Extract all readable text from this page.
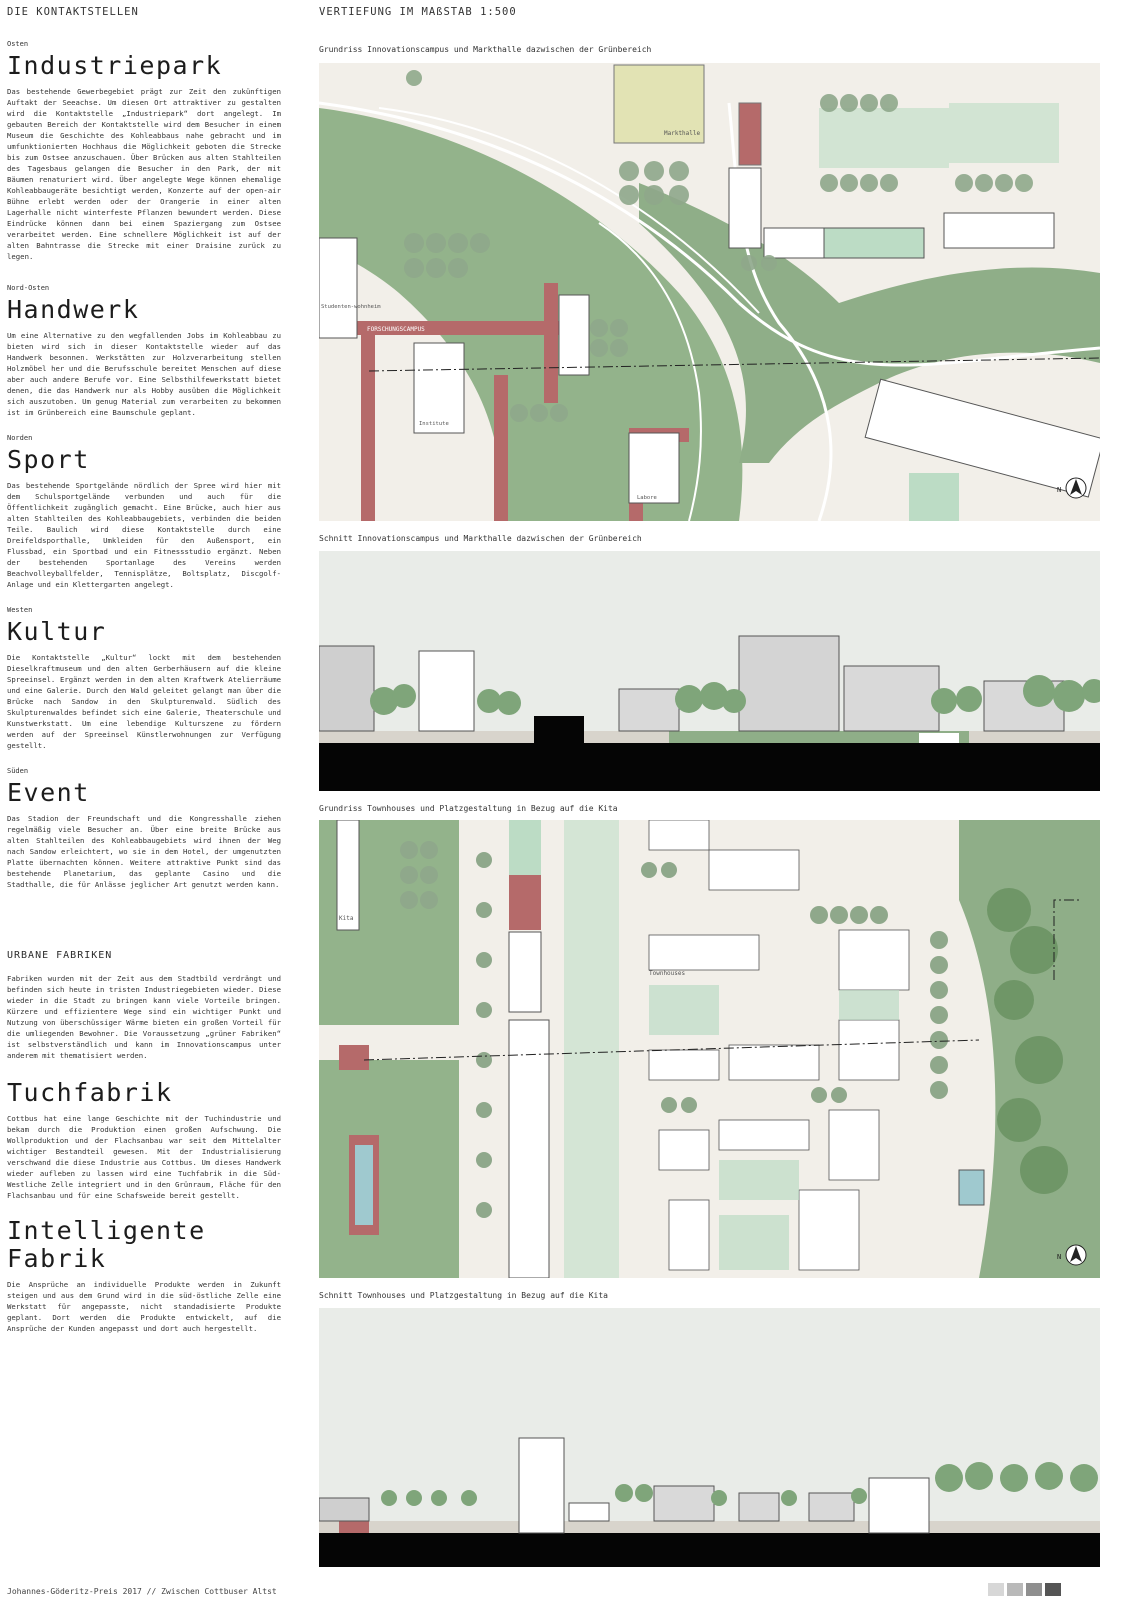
DIE KONTAKTSTELLEN	VERTIEFUNG IM MAßSTAB 1:500
Osten
Industriepark

Das bestehende Gewerbegebiet prägt zur Zeit den zukünftigen Auftakt der Seeachse. Um diesen Ort attraktiver zu gestalten wird die Kontaktstelle „Industriepark“ dort angelegt. Im gebauten Bereich der Kontaktstelle wird dem Besucher in einem Museum die Geschichte des Kohleabbaus nahe gebracht und im umfunktionierten Hochhaus die Möglichkeit geboten die Strecke bis zum Ostsee anzuschauen. Über Brücken aus alten Stahlteilen des Tagesbaus gelangen die Besucher in den Park, der mit Bäumen renaturiert wird. Über angelegte Wege können ehemalige Kohleabbaugeräte besichtigt werden, Konzerte auf der open-air Bühne erlebt werden oder der Orangerie in einer alten Lagerhalle nicht winterfeste Pflanzen bewundert werden. Diese Eindrücke können dann bei einem Spaziergang zum Ostsee verarbeitet werden. Eine schnellere Möglichkeit ist auf der alten Bahntrasse die Strecke mit einer Draisine zurück zu legen.

Nord-Osten
Handwerk

Um eine Alternative zu den wegfallenden Jobs im Kohleabbau zu bieten wird sich in dieser Kontaktstelle wieder auf das Handwerk besonnen. Werkstätten zur Holzverarbeitung stellen Holzmöbel her und die Berufsschule bereitet Menschen auf diese aber auch andere Berufe vor. Eine Selbsthilfewerkstatt bietet denen, die das Handwerk nur als Hobby ausüben die Möglichkeit sich auszutoben. Um genug Material zum verarbeiten zu bekommen ist im Grünbereich eine Baumschule geplant.

Norden
Sport

Das bestehende Sportgelände nördlich der Spree wird hier mit dem Schulsportgelände verbunden und auch für die Öffentlichkeit zugänglich gemacht. Eine Brücke, auch hier aus alten Stahlteilen des Kohleabbaugebiets, verbinden die beiden Teile. Baulich wird diese Kontaktstelle durch eine Dreifeldsporthalle, Umkleiden für den Außensport, ein Flussbad, ein Sportbad und ein Fitnessstudio ergänzt. Neben der bestehenden Sportanlage des Vereins werden Beachvolleyballfelder, Tennisplätze, Boltsplatz, Discgolf-Anlage und ein Klettergarten angelegt.

Westen
Kultur

Die Kontaktstelle „Kultur“ lockt mit dem bestehenden Dieselkraftmuseum und den alten Gerberhäusern auf die kleine Spreeinsel. Ergänzt werden in dem alten Kraftwerk Atelierräume und eine Galerie. Durch den Wald geleitet gelangt man über die Brücke nach Sandow in den Skulpturenwald. Südlich des Skulpturenwaldes befindet sich eine Galerie, Theaterschule und Kunstwerkstatt. Um eine lebendige Kulturszene zu fördern werden auf der Spreeinsel Künstlerwohnungen zur Verfügung gestellt.

Süden
Event

Das Stadion der Freundschaft und die Kongresshalle ziehen regelmäßig viele Besucher an. Über eine breite Brücke aus alten Stahlteilen des Kohleabbaugebiets wird ihnen der Weg nach Sandow erleichtert, wo sie in dem Hotel, der umgenutzten Platte übernachten können. Weitere attraktive Punkt sind das bestehende Planetarium, das geplante Casino und die Stadthalle, die für Anlässe jeglicher Art genutzt werden kann.

URBANE FABRIKEN

Fabriken wurden mit der Zeit aus dem Stadtbild verdrängt und befinden sich heute in tristen Industriegebieten wieder. Diese wieder in die Stadt zu bringen kann viele Vorteile bringen. Kürzere und effizientere Wege sind ein wichtiger Punkt und Nutzung von überschüssiger Wärme bieten ein großen Vorteil für die umliegenden Bewohner. Die Voraussetzung „grüner Fabriken“ ist selbstverständlich und kann im Innovationscampus unter anderem mit thematisiert werden.

Tuchfabrik

Cottbus hat eine lange Geschichte mit der Tuchindustrie und bekam durch die Produktion einen großen Aufschwung. Die Wollproduktion und der Flachsanbau war seit dem Mittelalter wichtiger Bestandteil gewesen. Mit der Industrialisierung verschwand die diese Industrie aus Cottbus. Um dieses Handwerk wieder aufleben zu lassen wird eine Tuchfabrik in die Süd-Westliche Zelle integriert und in den Grünraum, Fläche für den Flachsanbau und für eine Schafsweide bereit gestellt.

Intelligente Fabrik

Die Ansprüche an individuelle Produkte werden in Zukunft steigen und aus dem Grund wird in die süd-östliche Zelle eine Werkstatt für angepasste, nicht standadisierte Produkte geplant. Dort werden die Produkte entwickelt, auf die Ansprüche der Kunden angepasst und dort auch hergestellt.

Grundriss Innovationscampus und Markthalle dazwischen der Grünbereich
Markthalle
FORSCHUNGSCAMPUS
Studenten-wohnheim
Institute
Labore
N
Schnitt Innovationscampus und Markthalle dazwischen der Grünbereich
Grundriss Townhouses und Platzgestaltung in Bezug auf die Kita
Kita
Townhouses
N
Schnitt Townhouses und Platzgestaltung in Bezug auf die Kita
Johannes-Göderitz-Preis 2017 // Zwischen Cottbuser Altst
